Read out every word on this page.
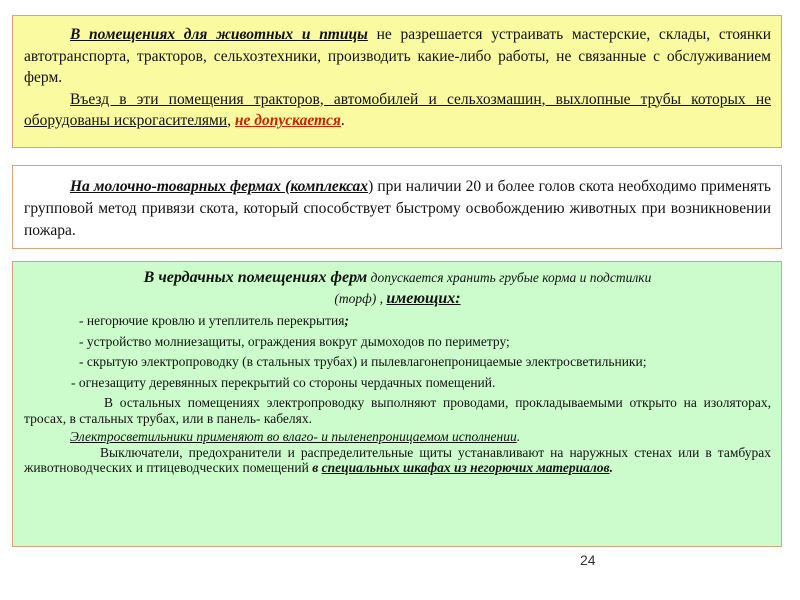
В помещениях для животных и птицы не разрешается устраивать мастерские, склады, стоянки автотранспорта, тракторов, сельхозтехники, производить какие-либо работы, не связанные с обслуживанием ферм.

Въезд в эти помещения тракторов, автомобилей и сельхозмашин, выхлопные трубы которых не оборудованы искрогасителями, не допускается.

На молочно-товарных фермах (комплексах) при наличии 20 и более голов скота необходимо применять групповой метод привязи скота, который способствует быстрому освобождению животных при возникновении пожара.

В чердачных помещениях ферм допускается хранить грубые корма и подстилки

(торф) , имеющих:

- негорючие кровлю и утеплитель перекрытия;

- устройство молниезащиты, ограждения вокруг дымоходов по периметру;

- скрытую электропроводку (в стальных трубах) и пылевлагонепроницаемые электросветильники;

- огнезащиту деревянных перекрытий со стороны чердачных помещений.

В остальных помещениях электропроводку выполняют проводами, прокладываемыми открыто на изоляторах, тросах, в стальных трубах, или в панель- кабелях.

Электросветильники применяют во влаго- и пыленепроницаемом исполнении.

Выключатели, предохранители и распределительные щиты устанавливают на наружных стенах или в тамбурах животноводческих и птицеводческих помещений в специальных шкафах из негорючих материалов.

24
